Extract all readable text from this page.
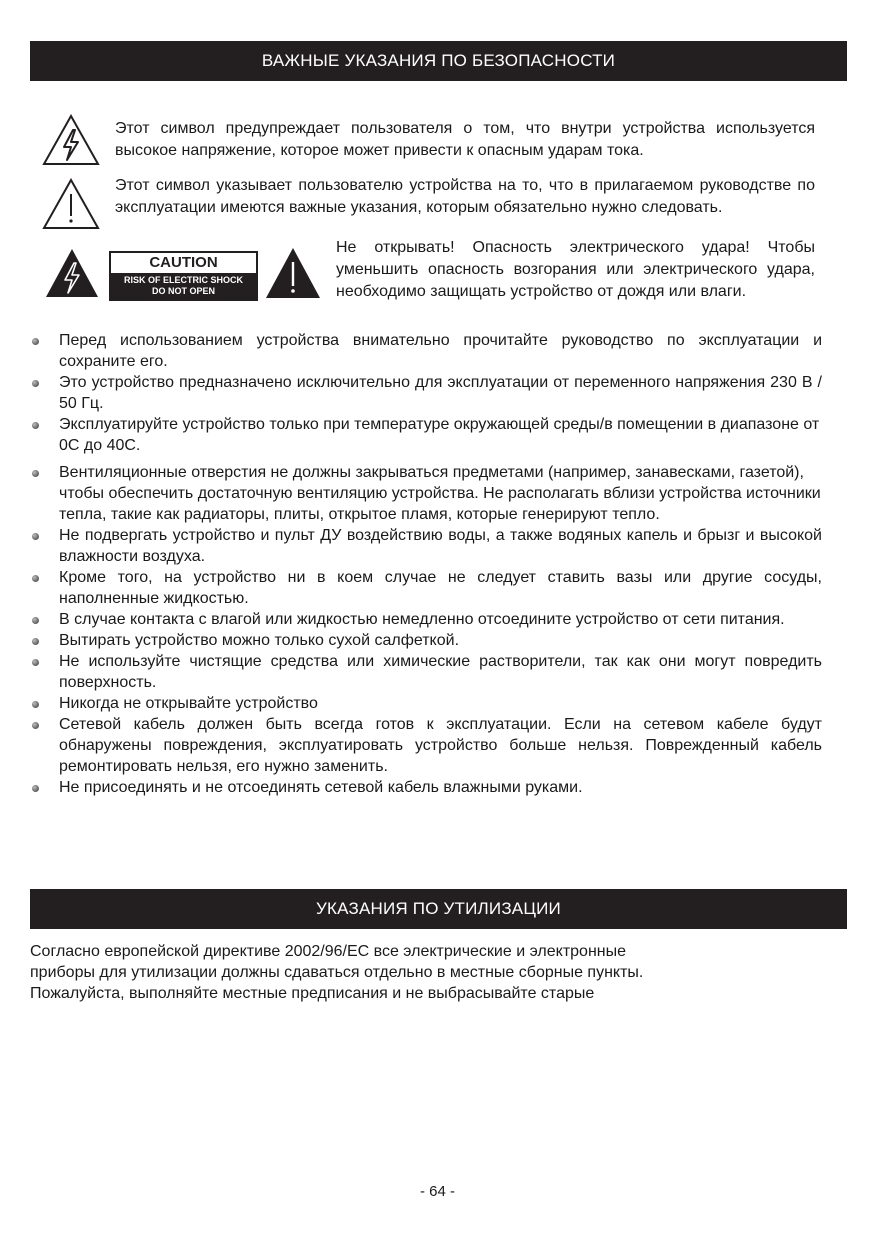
ВАЖНЫЕ УКАЗАНИЯ ПО БЕЗОПАСНОСТИ
Этот символ предупреждает пользователя о том, что внутри устройства используется высокое напряжение, которое может привести к опасным ударам тока.
Этот символ указывает пользователю устройства на то, что в прилагаемом руководстве по эксплуатации имеются важные указания, которым обязательно нужно следовать.
CAUTION
RISK OF ELECTRIC SHOCK
DO NOT OPEN
Не открывать! Опасность электрического удара! Чтобы уменьшить опасность возгорания или электрического удара, необходимо защищать устройство от дождя или влаги.
Перед использованием устройства внимательно прочитайте руководство по эксплуатации и сохраните его.
Это устройство предназначено исключительно для эксплуатации от переменного напряжения 230 В / 50 Гц.
Эксплуатируйте устройство только при температуре окружающей среды/в помещении в диапазоне от 0С до 40С.
Вентиляционные отверстия не должны закрываться предметами (например, занавесками, газетой), чтобы обеспечить достаточную вентиляцию устройства. Не располагать вблизи устройства источники тепла, такие как радиаторы, плиты, открытое пламя, которые генерируют тепло.
Не подвергать устройство и пульт ДУ воздействию воды, а также водяных капель и брызг и высокой влажности воздуха.
Кроме того, на устройство ни в коем случае не следует ставить вазы или другие сосуды, наполненные жидкостью.
В случае контакта с влагой или жидкостью немедленно отсоедините устройство от сети питания.
Вытирать устройство можно только сухой салфеткой.
Не используйте чистящие средства или химические растворители, так как они могут повредить поверхность.
Никогда не открывайте устройство
Сетевой кабель должен быть всегда готов к эксплуатации. Если на сетевом кабеле будут обнаружены повреждения, эксплуатировать устройство больше нельзя. Поврежденный кабель ремонтировать нельзя, его нужно заменить.
Не присоединять и не отсоединять сетевой кабель влажными руками.
УКАЗАНИЯ ПО УТИЛИЗАЦИИ
Согласно европейской директиве 2002/96/EC все электрические и электронные
приборы для утилизации должны сдаваться отдельно в местные сборные пункты.
Пожалуйста, выполняйте местные предписания и не выбрасывайте старые
- 64 -
